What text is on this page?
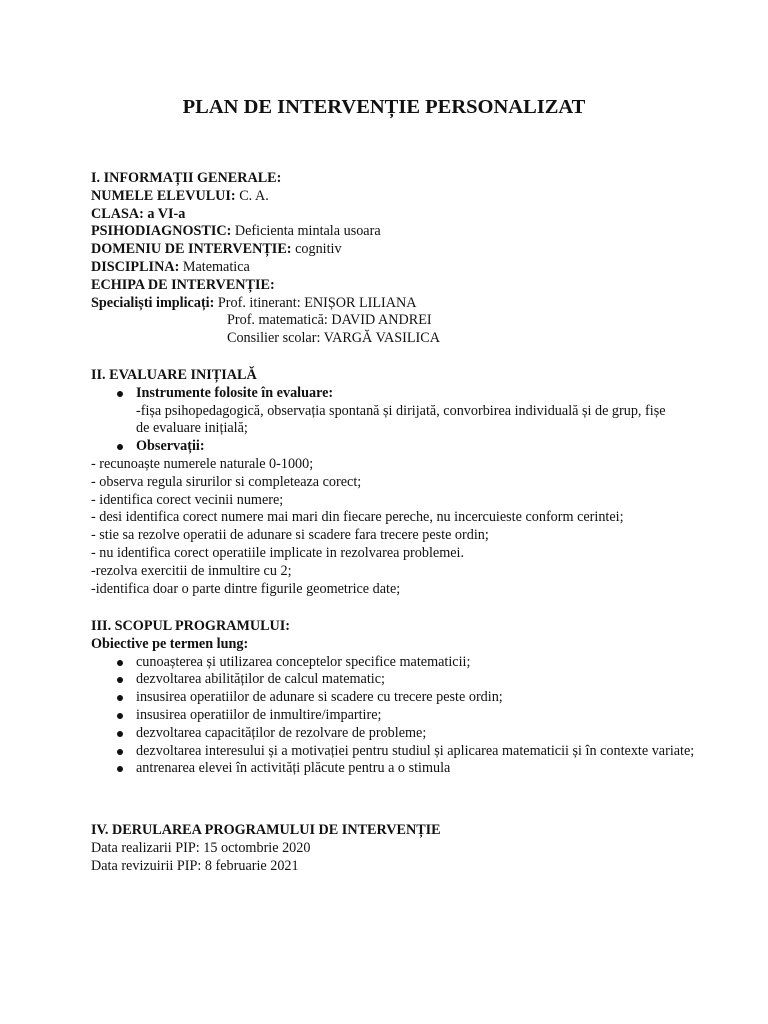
PLAN DE INTERVENȚIE PERSONALIZAT
I. INFORMAȚII GENERALE:
NUMELE ELEVULUI: C. A.
CLASA: a VI-a
PSIHODIAGNOSTIC: Deficienta mintala usoara
DOMENIU DE INTERVENȚIE: cognitiv
DISCIPLINA: Matematica
ECHIPA DE INTERVENȚIE:
Specialiști implicați: Prof. itinerant: ENIȘOR LILIANA
Prof. matematică: DAVID ANDREI
Consilier scolar: VARGĂ VASILICA
II. EVALUARE INIȚIALĂ
Instrumente folosite în evaluare:
-fișa psihopedagogică, observația spontană și dirijată, convorbirea individuală și de grup, fișe
de evaluare inițială;
Observații:
- recunoaște numerele naturale 0-1000;
- observa regula sirurilor si completeaza corect;
- identifica corect vecinii numere;
- desi identifica corect numere mai mari din fiecare pereche, nu incercuieste conform cerintei;
- stie sa rezolve operatii de adunare si scadere fara trecere peste ordin;
- nu identifica corect operatiile implicate in rezolvarea problemei.
-rezolva exercitii de inmultire cu 2;
-identifica doar o parte dintre figurile geometrice date;
III. SCOPUL PROGRAMULUI:
Obiective pe termen lung:
cunoașterea și utilizarea conceptelor specifice matematicii;
dezvoltarea abilităților de calcul matematic;
insusirea operatiilor de adunare si scadere cu trecere peste ordin;
insusirea operatiilor de inmultire/impartire;
dezvoltarea capacităților de rezolvare de probleme;
dezvoltarea interesului și a motivației pentru studiul și aplicarea matematicii și în contexte variate;
antrenarea elevei în activități plăcute pentru a o stimula
IV. DERULAREA PROGRAMULUI DE INTERVENȚIE
Data realizarii PIP: 15 octombrie 2020
Data revizuirii PIP: 8 februarie 2021
